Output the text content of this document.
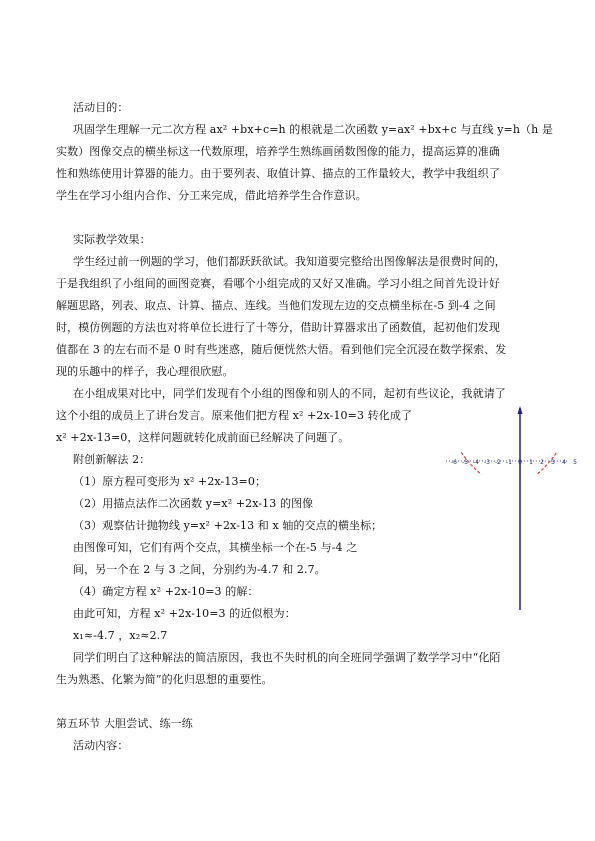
活动目的：
巩固学生理解一元二次方程 ax² +bx+c=h 的根就是二次函数 y=ax² +bx+c 与直线 y=h（h 是
实数）图像交点的横坐标这一代数原理，培养学生熟练画函数图像的能力，提高运算的准确
性和熟练使用计算器的能力。由于要列表、取值计算、描点的工作量较大，教学中我组织了
学生在学习小组内合作、分工来完成，借此培养学生合作意识。
实际教学效果：
学生经过前一例题的学习，他们都跃跃欲试。我知道要完整给出图像解法是很费时间的，
于是我组织了小组间的画图竞赛，看哪个小组完成的又好又准确。学习小组之间首先设计好
解题思路，列表、取点、计算、描点、连线。当他们发现左边的交点横坐标在-5 到-4 之间
时，模仿例题的方法也对将单位长进行了十等分，借助计算器求出了函数值，起初他们发现
值都在 3 的左右而不是 0 时有些迷惑，随后便恍然大悟。看到他们完全沉浸在数学探索、发
现的乐趣中的样子，我心理很欣慰。
在小组成果对比中，同学们发现有个小组的图像和别人的不同，起初有些议论，我就请了
这个小组的成员上了讲台发言。原来他们把方程 x² +2x-10=3 转化成了
x² +2x-13=0，这样问题就转化成前面已经解决了问题了。
附创新解法 2：
（1）原方程可变形为 x² +2x-13=0；
（2）用描点法作二次函数 y=x² +2x-13 的图像
（3）观察估计抛物线 y=x² +2x-13 和 x 轴的交点的横坐标；
由图像可知，它们有两个交点，其横坐标一个在-5 与-4 之
间，另一个在 2 与 3 之间，分别约为-4.7 和 2.7。
（4）确定方程 x² +2x-10=3 的解：
由此可知，方程 x² +2x-10=3 的近似根为：
x₁≈-4.7 ，x₂≈2.7
同学们明白了这种解法的简洁原因，我也不失时机的向全班同学强调了数学学习中“化陌
生为熟悉、化繁为简”的化归思想的重要性。
第五环节 大胆尝试、练一练
活动内容：
-6 -5 -4 -3 -2 -1 0 1 2 3 4 5
